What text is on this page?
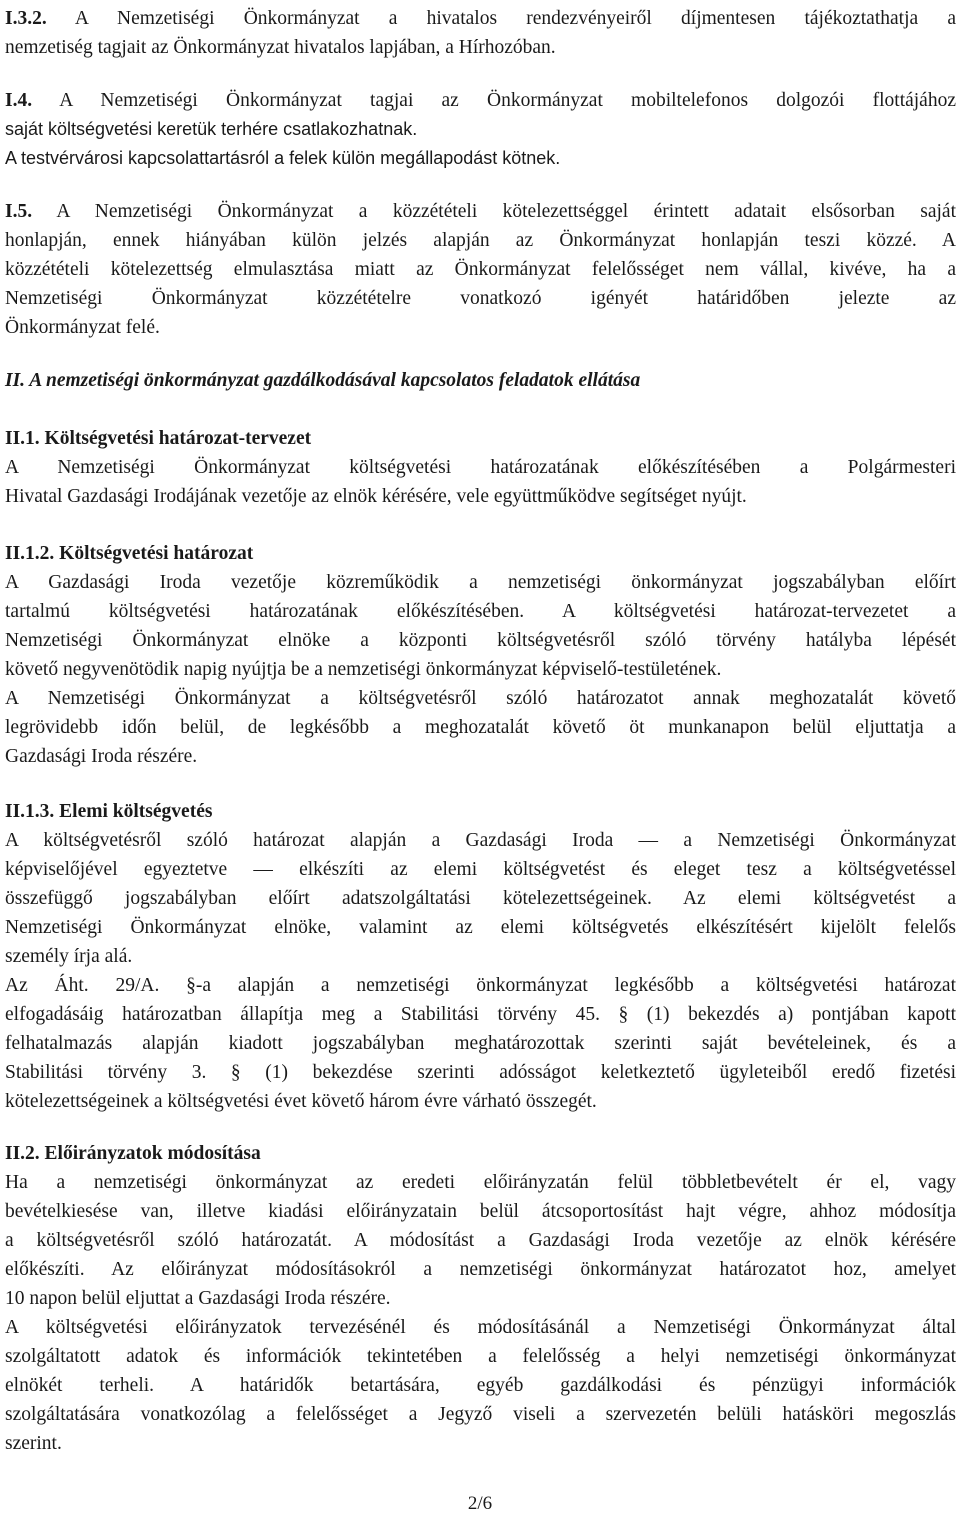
I.3.2. A Nemzetiségi Önkormányzat a hivatalos rendezvényeiről díjmentesen tájékoztathatja a
nemzetiség tagjait az Önkormányzat hivatalos lapjában, a Hírhozóban.
I.4. A Nemzetiségi Önkormányzat tagjai az Önkormányzat mobiltelefonos dolgozói flottájához
saját költségvetési keretük terhére csatlakozhatnak.
A testvérvárosi kapcsolattartásról a felek külön megállapodást kötnek.
I.5. A Nemzetiségi Önkormányzat a közzétételi kötelezettséggel érintett adatait elsősorban saját
honlapján, ennek hiányában külön jelzés alapján az Önkormányzat honlapján teszi közzé. A
közzétételi kötelezettség elmulasztása miatt az Önkormányzat felelősséget nem vállal, kivéve, ha a
Nemzetiségi Önkormányzat közzétételre vonatkozó igényét határidőben jelezte az
Önkormányzat felé.
II. A nemzetiségi önkormányzat gazdálkodásával kapcsolatos feladatok ellátása
II.1. Költségvetési határozat-tervezet
A Nemzetiségi Önkormányzat költségvetési határozatának előkészítésében a Polgármesteri
Hivatal Gazdasági Irodájának vezetője az elnök kérésére, vele együttműködve segítséget nyújt.
II.1.2. Költségvetési határozat
A Gazdasági Iroda vezetője közreműködik a nemzetiségi önkormányzat jogszabályban előírt
tartalmú költségvetési határozatának előkészítésében. A költségvetési határozat-tervezetet a
Nemzetiségi Önkormányzat elnöke a központi költségvetésről szóló törvény hatályba lépését
követő negyvenötödik napig nyújtja be a nemzetiségi önkormányzat képviselő-testületének.
A Nemzetiségi Önkormányzat a költségvetésről szóló határozatot annak meghozatalát követő
legrövidebb időn belül, de legkésőbb a meghozatalát követő öt munkanapon belül eljuttatja a
Gazdasági Iroda részére.
II.1.3. Elemi költségvetés
A költségvetésről szóló határozat alapján a Gazdasági Iroda — a Nemzetiségi Önkormányzat
képviselőjével egyeztetve — elkészíti az elemi költségvetést és eleget tesz a költségvetéssel
összefüggő jogszabályban előírt adatszolgáltatási kötelezettségeinek. Az elemi költségvetést a
Nemzetiségi Önkormányzat elnöke, valamint az elemi költségvetés elkészítésért kijelölt felelős
személy írja alá.
Az Áht. 29/A. §-a alapján a nemzetiségi önkormányzat legkésőbb a költségvetési határozat
elfogadásáig határozatban állapítja meg a Stabilitási törvény 45. § (1) bekezdés a) pontjában kapott
felhatalmazás alapján kiadott jogszabályban meghatározottak szerinti saját bevételeinek, és a
Stabilitási törvény 3. § (1) bekezdése szerinti adósságot keletkeztető ügyleteiből eredő fizetési
kötelezettségeinek a költségvetési évet követő három évre várható összegét.
II.2. Előirányzatok módosítása
Ha a nemzetiségi önkormányzat az eredeti előirányzatán felül többletbevételt ér el, vagy
bevételkiesése van, illetve kiadási előirányzatain belül átcsoportosítást hajt végre, ahhoz módosítja
a költségvetésről szóló határozatát. A módosítást a Gazdasági Iroda vezetője az elnök kérésére
előkészíti. Az előirányzat módosításokról a nemzetiségi önkormányzat határozatot hoz, amelyet
10 napon belül eljuttat a Gazdasági Iroda részére.
A költségvetési előirányzatok tervezésénél és módosításánál a Nemzetiségi Önkormányzat által
szolgáltatott adatok és információk tekintetében a felelősség a helyi nemzetiségi önkormányzat
elnökét terheli. A határidők betartására, egyéb gazdálkodási és pénzügyi információk
szolgáltatására vonatkozólag a felelősséget a Jegyző viseli a szervezetén belüli hatásköri megoszlás
szerint.
2/6
